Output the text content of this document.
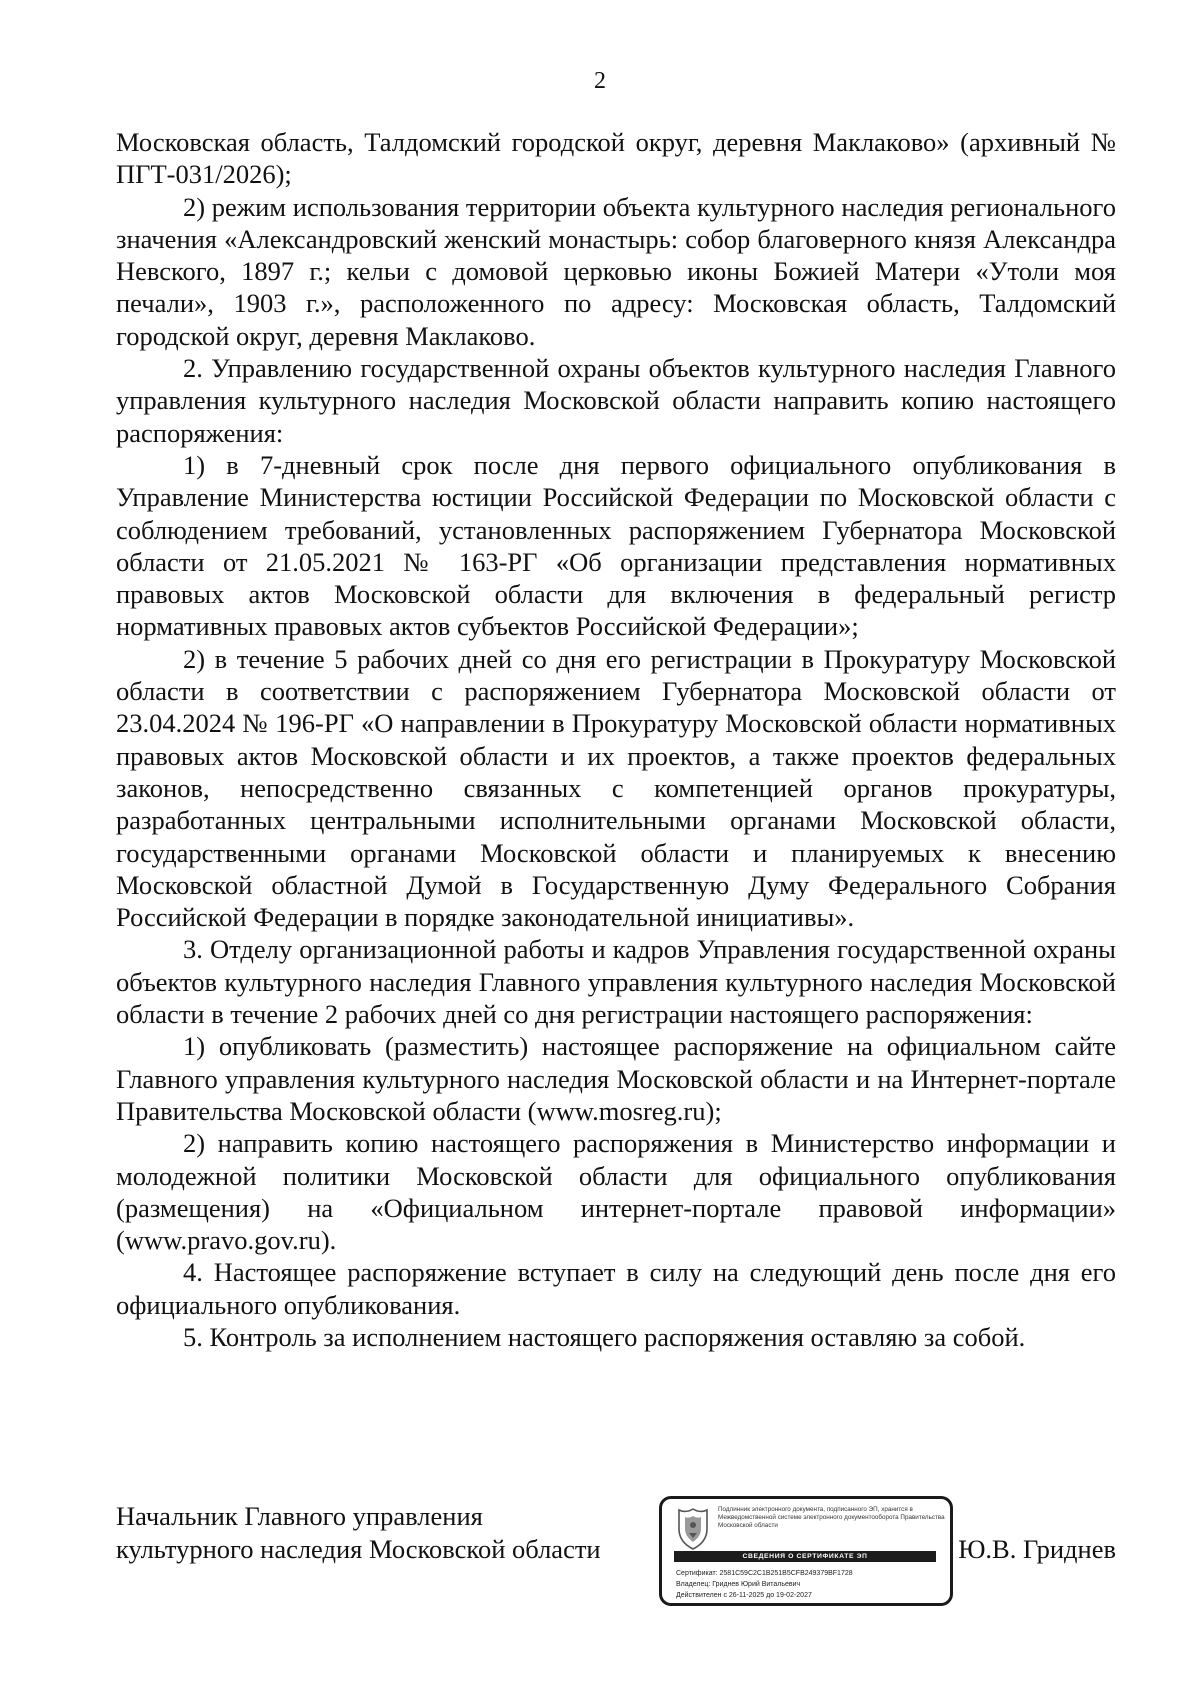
2

Московская область, Талдомский городской округ, деревня Маклаково» (архивный № ПГТ-031/2026);

2) режим использования территории объекта культурного наследия регионального значения «Александровский женский монастырь: собор благоверного князя Александра Невского, 1897 г.; кельи с домовой церковью иконы Божией Матери «Утоли моя печали», 1903 г.», расположенного по адресу: Московская область, Талдомский городской округ, деревня Маклаково.

2. Управлению государственной охраны объектов культурного наследия Главного управления культурного наследия Московской области направить копию настоящего распоряжения:

1) в 7-дневный срок после дня первого официального опубликования в Управление Министерства юстиции Российской Федерации по Московской области с соблюдением требований, установленных распоряжением Губернатора Московской области от 21.05.2021 № 163-РГ «Об организации представления нормативных правовых актов Московской области для включения в федеральный регистр нормативных правовых актов субъектов Российской Федерации»;

2) в течение 5 рабочих дней со дня его регистрации в Прокуратуру Московской области в соответствии с распоряжением Губернатора Московской области от 23.04.2024 № 196-РГ «О направлении в Прокуратуру Московской области нормативных правовых актов Московской области и их проектов, а также проектов федеральных законов, непосредственно связанных с компетенцией органов прокуратуры, разработанных центральными исполнительными органами Московской области, государственными органами Московской области и планируемых к внесению Московской областной Думой в Государственную Думу Федерального Собрания Российской Федерации в порядке законодательной инициативы».

3. Отделу организационной работы и кадров Управления государственной охраны объектов культурного наследия Главного управления культурного наследия Московской области в течение 2 рабочих дней со дня регистрации настоящего распоряжения:

1) опубликовать (разместить) настоящее распоряжение на официальном сайте Главного управления культурного наследия Московской области и на Интернет-портале Правительства Московской области (www.mosreg.ru);

2) направить копию настоящего распоряжения в Министерство информации и молодежной политики Московской области для официального опубликования (размещения) на «Официальном интернет-портале правовой информации» (www.pravo.gov.ru).

4. Настоящее распоряжение вступает в силу на следующий день после дня его официального опубликования.

5. Контроль за исполнением настоящего распоряжения оставляю за собой.

Начальник Главного управления
культурного наследия Московской области
Подлинник электронного документа, подписанного ЭП, хранится в Межведомственной системе электронного документооборота Правительства Московской области
СВЕДЕНИЯ О СЕРТИФИКАТЕ ЭП
Сертификат: 2581C59C2C1B251B5CFB249379BF1728
Владелец: Гриднев Юрий Витальевич
Действителен с 26-11-2025 до 19-02-2027
Ю.В. Гриднев
